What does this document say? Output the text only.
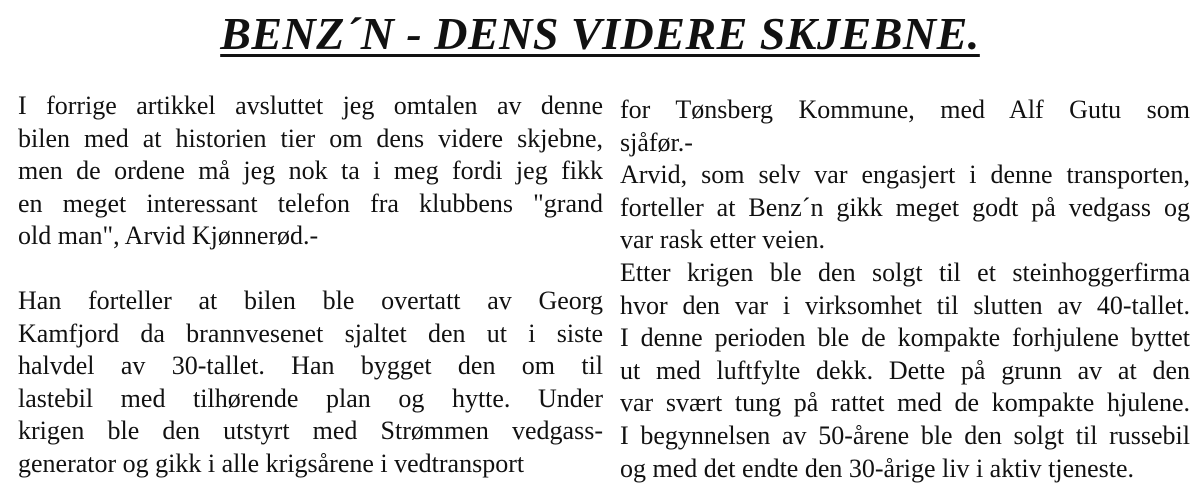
BENZ´N - DENS VIDERE SKJEBNE.
I forrige artikkel avsluttet jeg omtalen av denne
bilen med at historien tier om dens videre skjebne,
men de ordene må jeg nok ta i meg fordi jeg fikk
en meget interessant telefon fra klubbens "grand
old man", Arvid Kjønnerød.-
Han forteller at bilen ble overtatt av Georg
Kamfjord da brannvesenet sjaltet den ut i siste
halvdel av 30-tallet. Han bygget den om til
lastebil med tilhørende plan og hytte. Under
krigen ble den utstyrt med Strømmen vedgass-
generator og gikk i alle krigsårene i vedtransport
for Tønsberg Kommune, med Alf Gutu som
sjåfør.-
Arvid, som selv var engasjert i denne transporten,
forteller at Benz´n gikk meget godt på vedgass og
var rask etter veien.
Etter krigen ble den solgt til et steinhoggerfirma
hvor den var i virksomhet til slutten av 40-tallet.
I denne perioden ble de kompakte forhjulene byttet
ut med luftfylte dekk. Dette på grunn av at den
var svært tung på rattet med de kompakte hjulene.
I begynnelsen av 50-årene ble den solgt til russebil
og med det endte den 30-årige liv i aktiv tjeneste.
